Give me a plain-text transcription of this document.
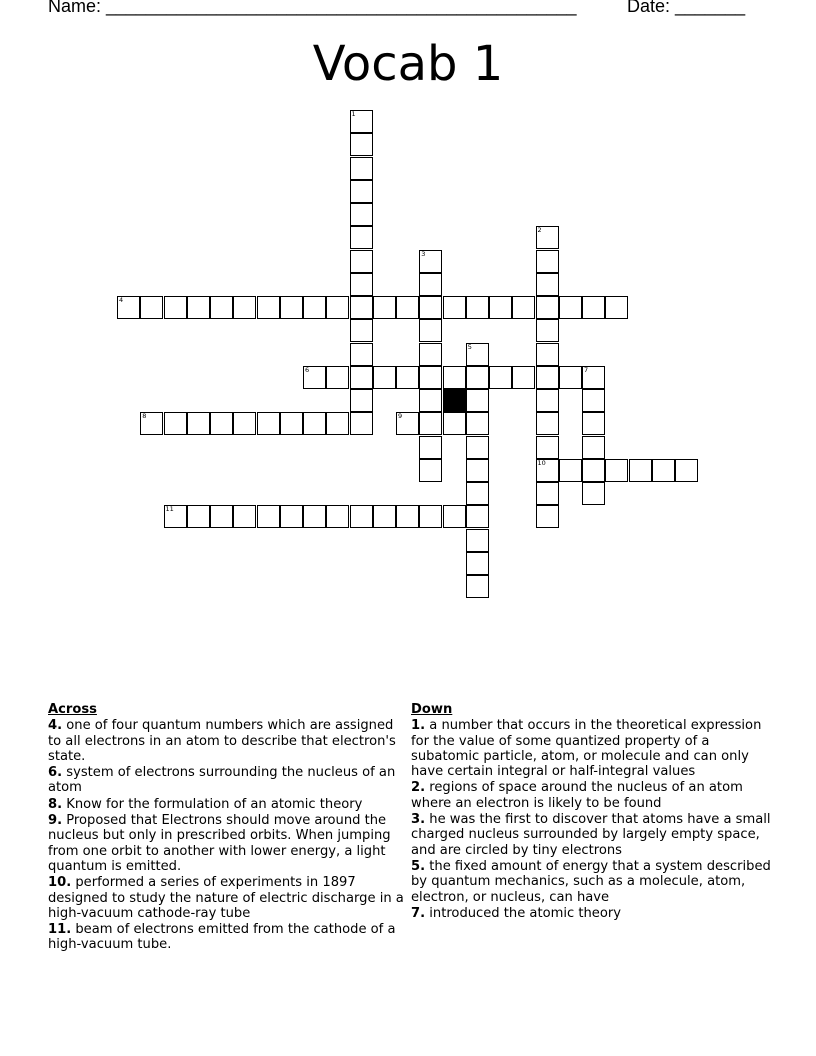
Name: _______________________________________________	Date: _______
Vocab 1
1
2
10
3
4
5
6	7
8	9
11
Across
4. one of four quantum numbers which are assigned to all electrons in an atom to describe that electron's state.
6. system of electrons surrounding the nucleus of an atom
8. Know for the formulation of an atomic theory
9. Proposed that Electrons should move around the nucleus but only in prescribed orbits. When jumping from one orbit to another with lower energy, a light quantum is emitted.
10. performed a series of experiments in 1897 designed to study the nature of electric discharge in a high-vacuum cathode-ray tube
11. beam of electrons emitted from the cathode of a high-vacuum tube.
Down
1. a number that occurs in the theoretical expression for the value of some quantized property of a subatomic particle, atom, or molecule and can only have certain integral or half-integral values
2. regions of space around the nucleus of an atom where an electron is likely to be found
3. he was the first to discover that atoms have a small charged nucleus surrounded by largely empty space, and are circled by tiny electrons
5. the fixed amount of energy that a system described by quantum mechanics, such as a molecule, atom, electron, or nucleus, can have
7. introduced the atomic theory
